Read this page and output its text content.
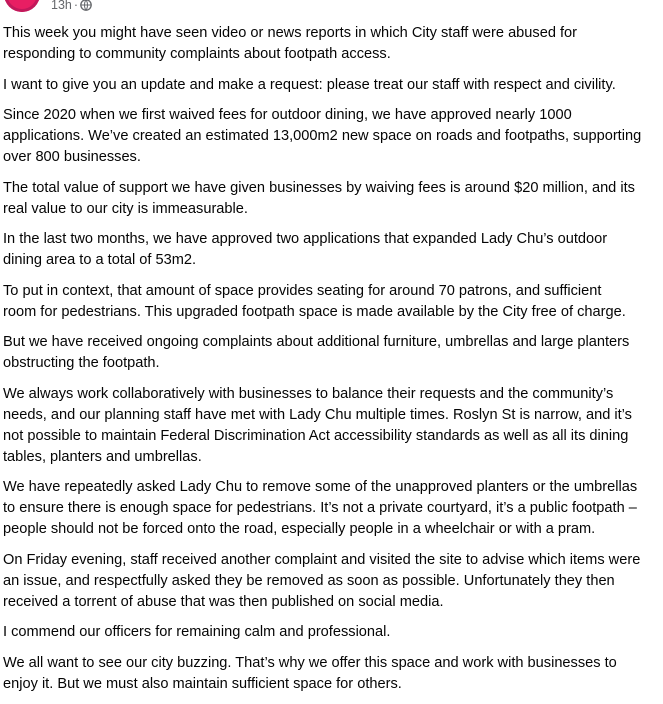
13h ·

This week you might have seen video or news reports in which City staff were abused for
responding to community complaints about footpath access.

I want to give you an update and make a request: please treat our staff with respect and civility.

Since 2020 when we first waived fees for outdoor dining, we have approved nearly 1000
applications. We’ve created an estimated 13,000m2 new space on roads and footpaths, supporting
over 800 businesses.

The total value of support we have given businesses by waiving fees is around $20 million, and its
real value to our city is immeasurable.

In the last two months, we have approved two applications that expanded Lady Chu’s outdoor
dining area to a total of 53m2.

To put in context, that amount of space provides seating for around 70 patrons, and sufficient
room for pedestrians. This upgraded footpath space is made available by the City free of charge.

But we have received ongoing complaints about additional furniture, umbrellas and large planters
obstructing the footpath.

We always work collaboratively with businesses to balance their requests and the community’s
needs, and our planning staff have met with Lady Chu multiple times. Roslyn St is narrow, and it’s
not possible to maintain Federal Discrimination Act accessibility standards as well as all its dining
tables, planters and umbrellas.

We have repeatedly asked Lady Chu to remove some of the unapproved planters or the umbrellas
to ensure there is enough space for pedestrians. It’s not a private courtyard, it’s a public footpath –
people should not be forced onto the road, especially people in a wheelchair or with a pram.

On Friday evening, staff received another complaint and visited the site to advise which items were
an issue, and respectfully asked they be removed as soon as possible. Unfortunately they then
received a torrent of abuse that was then published on social media.

I commend our officers for remaining calm and professional.

We all want to see our city buzzing. That’s why we offer this space and work with businesses to
enjoy it. But we must also maintain sufficient space for others.
